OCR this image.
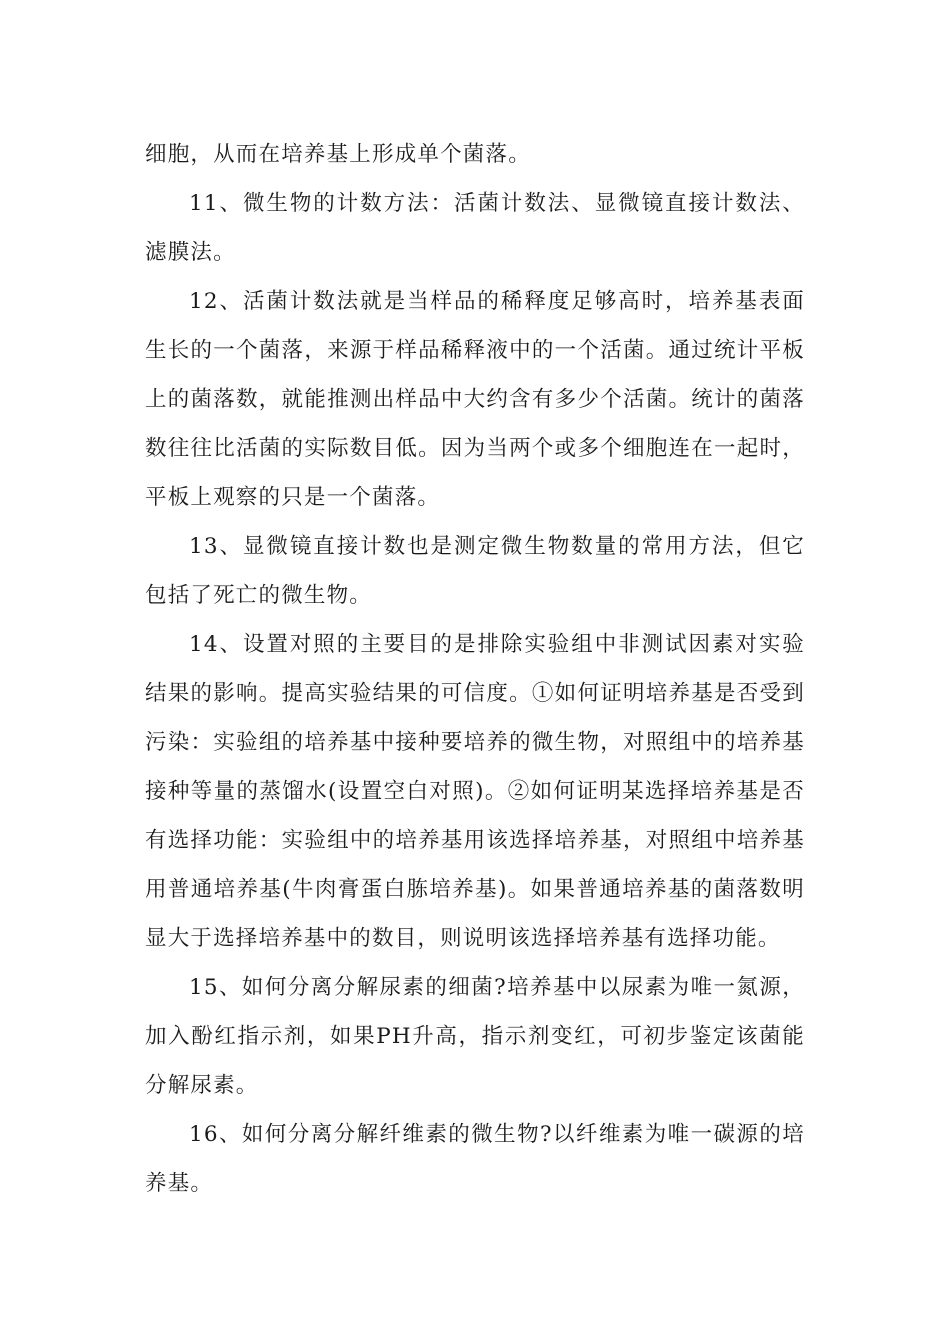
细胞，从而在培养基上形成单个菌落。

11、微生物的计数方法：活菌计数法、显微镜直接计数法、滤膜法。

12、活菌计数法就是当样品的稀释度足够高时，培养基表面生长的一个菌落，来源于样品稀释液中的一个活菌。通过统计平板上的菌落数，就能推测出样品中大约含有多少个活菌。统计的菌落数往往比活菌的实际数目低。因为当两个或多个细胞连在一起时，平板上观察的只是一个菌落。

13、显微镜直接计数也是测定微生物数量的常用方法，但它包括了死亡的微生物。

14、设置对照的主要目的是排除实验组中非测试因素对实验结果的影响。提高实验结果的可信度。①如何证明培养基是否受到污染：实验组的培养基中接种要培养的微生物，对照组中的培养基接种等量的蒸馏水(设置空白对照)。②如何证明某选择培养基是否有选择功能：实验组中的培养基用该选择培养基，对照组中培养基用普通培养基(牛肉膏蛋白胨培养基)。如果普通培养基的菌落数明显大于选择培养基中的数目，则说明该选择培养基有选择功能。

15、如何分离分解尿素的细菌?培养基中以尿素为唯一氮源，加入酚红指示剂，如果PH升高，指示剂变红，可初步鉴定该菌能分解尿素。

16、如何分离分解纤维素的微生物?以纤维素为唯一碳源的培养基。
